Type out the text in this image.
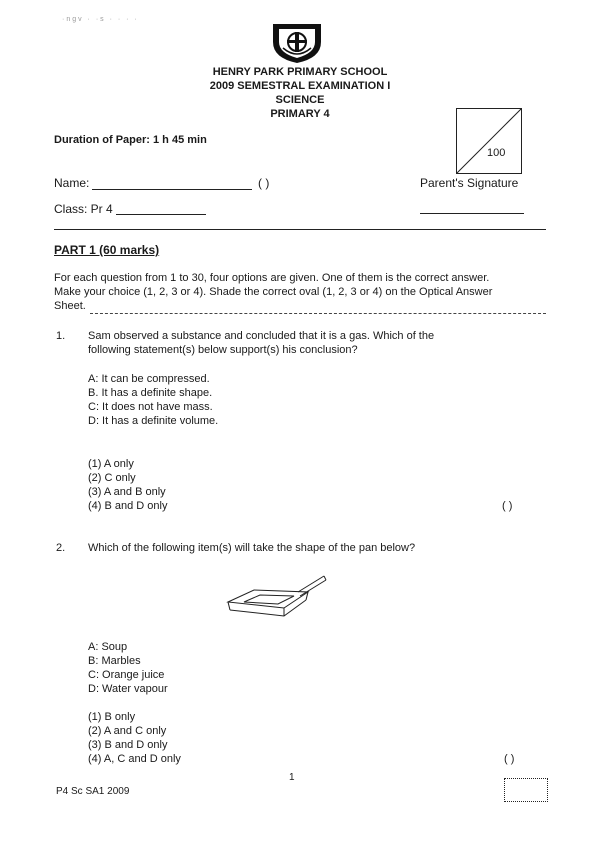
·ngv · ·s · · · ·
HENRY PARK PRIMARY SCHOOL
2009 SEMESTRAL EXAMINATION I
SCIENCE
PRIMARY 4
Duration of Paper: 1 h 45 min
100
Name:	( )	Parent's Signature
Class: Pr 4
PART 1 (60 marks)
For each question from 1 to 30, four options are given. One of them is the correct answer.
Make your choice (1, 2, 3 or 4). Shade the correct oval (1, 2, 3 or 4) on the Optical Answer
Sheet.
1. Sam observed a substance and concluded that it is a gas. Which of the
following statement(s) below support(s) his conclusion?
A: It can be compressed.
B. It has a definite shape.
C: It does not have mass.
D: It has a definite volume.
(1) A only
(2) C only
(3) A and B only
(4) B and D only	( )
2. Which of the following item(s) will take the shape of the pan below?
A: Soup
B: Marbles
C: Orange juice
D: Water vapour
(1) B only
(2) A and C only
(3) B and D only
(4) A, C and D only	( )
1
P4 Sc SA1 2009
